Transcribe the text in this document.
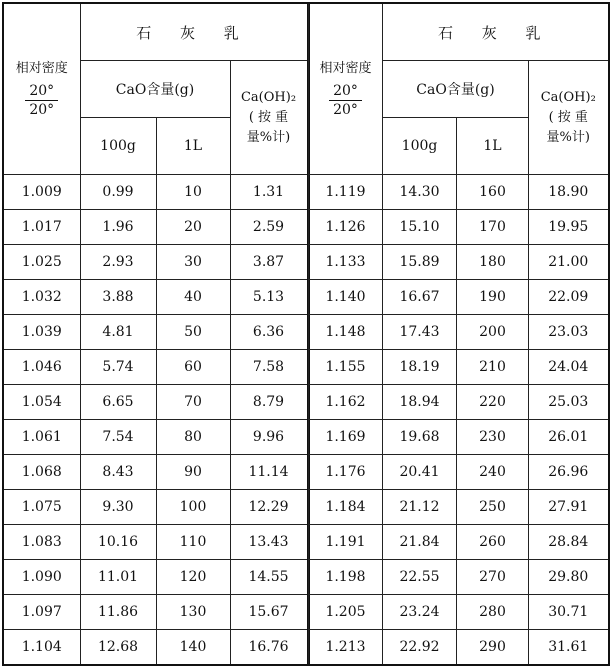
相对密度
$\frac{20^\circ}{20^\circ}$	石 灰 乳		
	CaO含量(g)		Ca(OH)₂
( 按 重
量%计)

	100g	1L	
1.009	0.99	10	1.31
1.017	1.96	20	2.59
1.025	2.93	30	3.87
1.032	3.88	40	5.13
1.039	4.81	50	6.36
1.046	5.74	60	7.58
1.054	6.65	70	8.79
1.061	7.54	80	9.96
1.068	8.43	90	11.14
1.075	9.30	100	12.29
1.083	10.16	110	13.43
1.090	11.01	120	14.55
1.097	11.86	130	15.67
1.104	12.68	140	16.76
相对密度
$\frac{20^\circ}{20^\circ}$	石 灰 乳		
	CaO含量(g)		Ca(OH)₂
( 按 重
量%计)

	100g	1L	
1.119	14.30	160	18.90
1.126	15.10	170	19.95
1.133	15.89	180	21.00
1.140	16.67	190	22.09
1.148	17.43	200	23.03
1.155	18.19	210	24.04
1.162	18.94	220	25.03
1.169	19.68	230	26.01
1.176	20.41	240	26.96
1.184	21.12	250	27.91
1.191	21.84	260	28.84
1.198	22.55	270	29.80
1.205	23.24	280	30.71
1.213	22.92	290	31.61
